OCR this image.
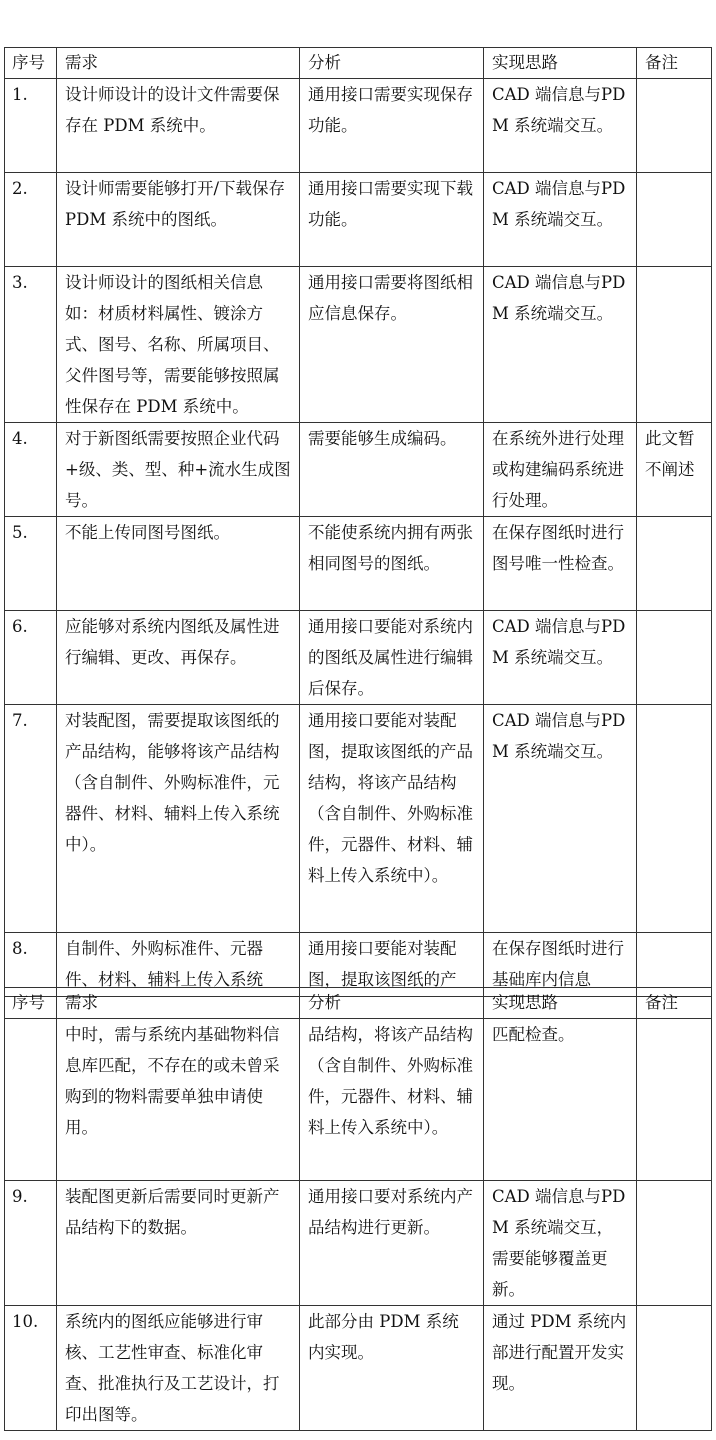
序号	需求	分析	实现思路	备注
1.	设计师设计的设计文件需要保存在 PDM 系统中。	通用接口需要实现保存功能。	CAD 端信息与PDM 系统端交互。	
2.	设计师需要能够打开/下载保存 PDM 系统中的图纸。	通用接口需要实现下载功能。	CAD 端信息与PDM 系统端交互。	
3.	设计师设计的图纸相关信息如：材质材料属性、镀涂方式、图号、名称、所属项目、父件图号等，需要能够按照属性保存在 PDM 系统中。	通用接口需要将图纸相应信息保存。	CAD 端信息与PDM 系统端交互。	
4.	对于新图纸需要按照企业代码+级、类、型、种+流水生成图号。	需要能够生成编码。	在系统外进行处理或构建编码系统进行处理。	此文暂不阐述
5.	不能上传同图号图纸。	不能使系统内拥有两张相同图号的图纸。	在保存图纸时进行图号唯一性检查。	
6.	应能够对系统内图纸及属性进行编辑、更改、再保存。	通用接口要能对系统内的图纸及属性进行编辑后保存。	CAD 端信息与PDM 系统端交互。	
7.	对装配图，需要提取该图纸的产品结构，能够将该产品结构（含自制件、外购标准件，元器件、材料、辅料上传入系统中）。	通用接口要能对装配图，提取该图纸的产品结构，将该产品结构（含自制件、外购标准件，元器件、材料、辅料上传入系统中）。	CAD 端信息与PDM 系统端交互。	
8.	自制件、外购标准件、元器件、材料、辅料上传入系统	通用接口要能对装配图，提取该图纸的产	在保存图纸时进行基础库内信息	
序号	需求	分析	实现思路	备注
	中时，需与系统内基础物料信息库匹配，不存在的或未曾采购到的物料需要单独申请使用。	品结构，将该产品结构（含自制件、外购标准件，元器件、材料、辅料上传入系统中）。	匹配检查。	
9.	装配图更新后需要同时更新产品结构下的数据。	通用接口要对系统内产品结构进行更新。	CAD 端信息与PDM 系统端交互，需要能够覆盖更新。	
10.	系统内的图纸应能够进行审核、工艺性审查、标准化审查、批准执行及工艺设计，打印出图等。	此部分由 PDM 系统内实现。	通过 PDM 系统内部进行配置开发实现。	
